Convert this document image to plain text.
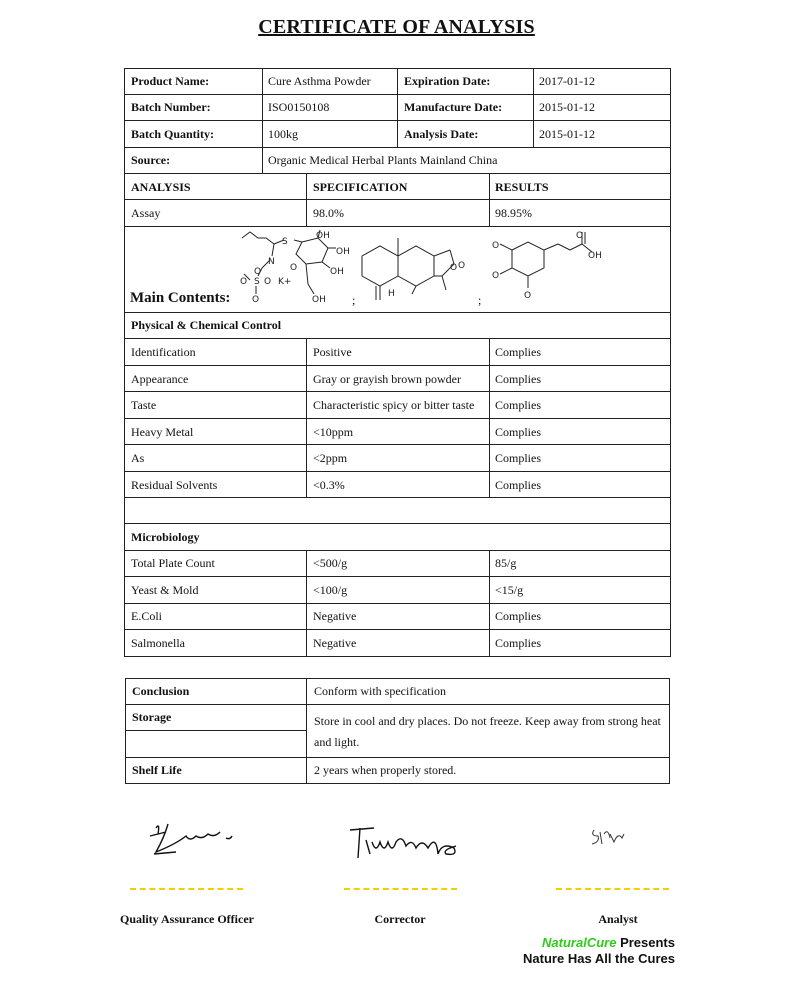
CERTIFICATE OF ANALYSIS
Product Name:	Cure Asthma Powder	Expiration Date:	2017-01-12
Batch Number:	ISO0150108	Manufacture Date:	2015-01-12
Batch Quantity:	100kg	Analysis Date:	2015-01-12
Source:	Organic Medical Herbal Plants Mainland China
ANALYSIS	SPECIFICATION	RESULTS
Assay	98.0%	98.95%
Main Contents:	;	;
S
OH
OH
N
O	OH
O
O S O K+
OH
O
O
H
O
O
OH
O
O
O
Physical & Chemical Control
Identification	Positive	Complies
Appearance	Gray or grayish brown powder	Complies
Taste	Characteristic spicy or bitter taste Complies
Heavy Metal	<10ppm	Complies
As	<2ppm	Complies
Residual Solvents	<0.3%	Complies
Microbiology
Total Plate Count	<500/g	85/g
Yeast & Mold	<100/g	<15/g
E.Coli	Negative	Complies
Salmonella	Negative	Complies
Conclusion	Conform with specification
Storage	Store in cool and dry places. Do not freeze. Keep away from strong heat
and light.
Shelf Life	2 years when properly stored.
Quality Assurance Officer	Corrector	Analyst
NaturalCure Presents
Nature Has All the Cures
